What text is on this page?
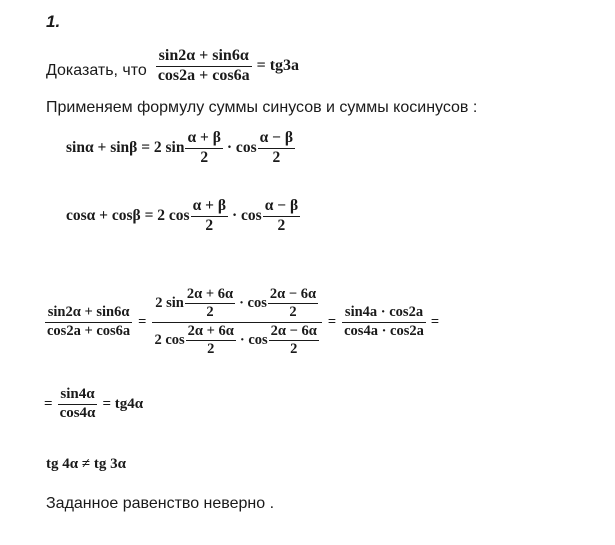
1.
Доказать, что $\frac{\sin 2\alpha + \sin 6\alpha}{\cos 2a + \cos 6a} = tg3a$
Применяем формулу суммы синусов и суммы косинусов :
sinα + sinβ = 2 $\sin \frac{\alpha + \beta}{2} \cdot \cos \frac{\alpha - \beta}{2}$
cosα + cosβ = 2 $\cos \frac{\alpha + \beta}{2} \cdot \cos \frac{\alpha - \beta}{2}$
$\frac{\sin 2\alpha + \sin 6\alpha}{\cos 2a + \cos 6a}$ =
2 $\sin \frac{2\alpha + 6\alpha}{2} \cdot \cos \frac{2\alpha - 6\alpha}{2}$
2 $\cos \frac{2\alpha + 6\alpha}{2} \cdot \cos \frac{2\alpha - 6\alpha}{2}$
= $\frac{\sin 4a \cdot \cos 2a}{\cos 4a \cdot \cos 2a}$ =
= $\frac{\sin 4\alpha}{\cos 4\alpha} = tg4\alpha$
tg 4α ≠ tg 3α
Заданное равенство неверно .
